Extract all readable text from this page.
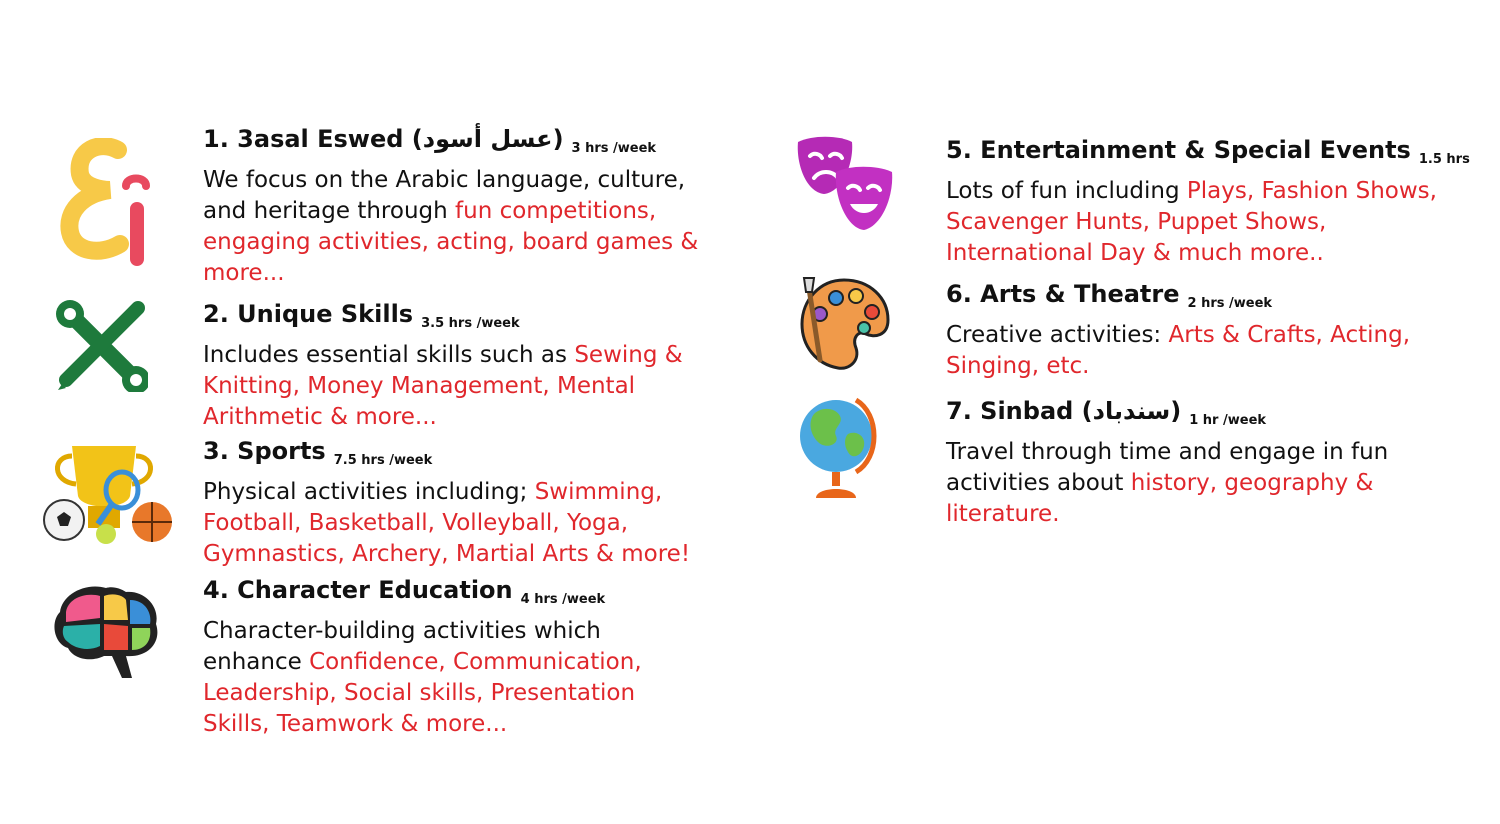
1. 3asal Eswed (عسل أسود) $_{3 hrs /week}$
We focus on the Arabic language, culture, and heritage through fun competitions, engaging activities, acting, board games & more...
2. Unique Skills $_{3.5 hrs /week}$
Includes essential skills such as Sewing & Knitting, Money Management, Mental Arithmetic & more...
3. Sports $_{7.5 hrs /week}$
Physical activities including; Swimming, Football, Basketball, Volleyball, Yoga, Gymnastics, Archery, Martial Arts & more!
4. Character Education $_{4 hrs /week}$
Character-building activities which enhance Confidence, Communication, Leadership, Social skills, Presentation Skills, Teamwork & more...
5. Entertainment & Special Events $_{1.5 hrs}$
Lots of fun including Plays, Fashion Shows, Scavenger Hunts, Puppet Shows, International Day & much more..
6. Arts & Theatre $_{2 hrs /week}$
Creative activities: Arts & Crafts, Acting, Singing, etc.
7. Sinbad (سندباد) $_{1 hr /week}$
Travel through time and engage in fun activities about history, geography & literature.
